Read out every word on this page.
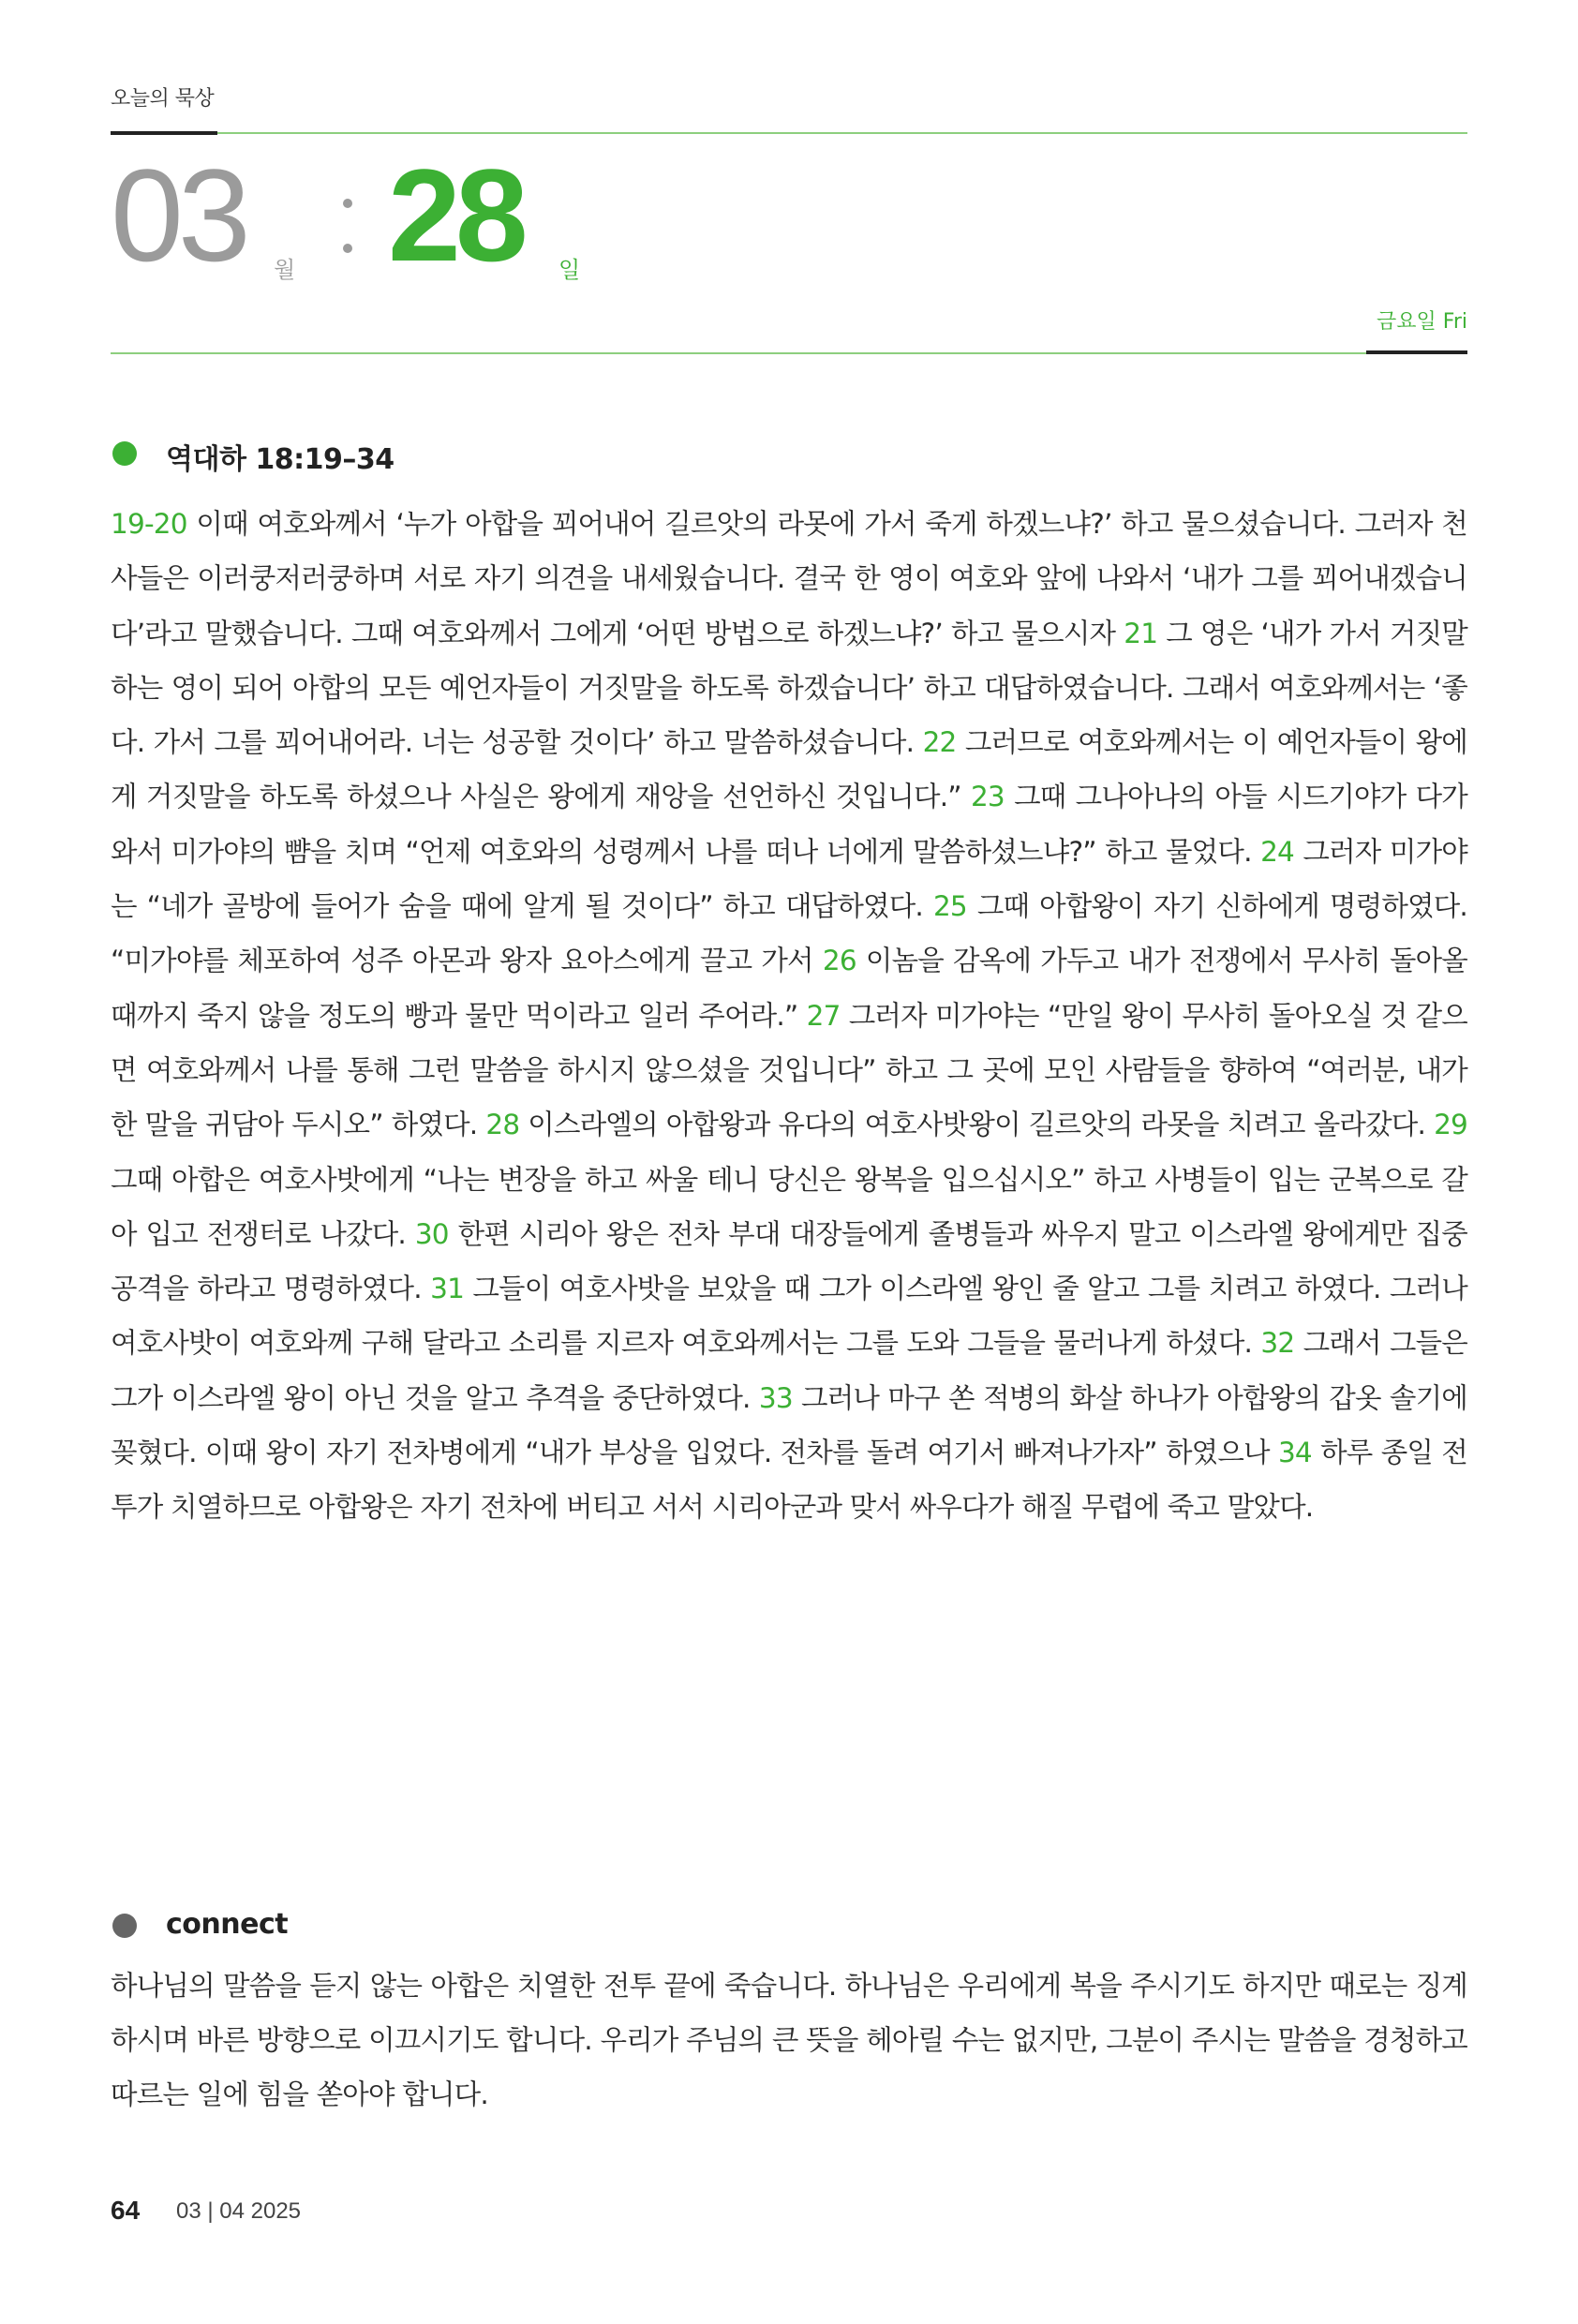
오늘의 묵상
03 월 28 일
금요일 Fri
역대하 18:19–34
19-20 이때 여호와께서 ‘누가 아합을 꾀어내어 길르앗의 라못에 가서 죽게 하겠느냐?’ 하고 물으셨습니다. 그러자 천사들은 이러쿵저러쿵하며 서로 자기 의견을 내세웠습니다. 결국 한 영이 여호와 앞에 나와서 ‘내가 그를 꾀어내겠습니다’라고 말했습니다. 그때 여호와께서 그에게 ‘어떤 방법으로 하겠느냐?’ 하고 물으시자 21 그 영은 ‘내가 가서 거짓말하는 영이 되어 아합의 모든 예언자들이 거짓말을 하도록 하겠습니다’ 하고 대답하였습니다. 그래서 여호와께서는 ‘좋다. 가서 그를 꾀어내어라. 너는 성공할 것이다’ 하고 말씀하셨습니다. 22 그러므로 여호와께서는 이 예언자들이 왕에게 거짓말을 하도록 하셨으나 사실은 왕에게 재앙을 선언하신 것입니다.” 23 그때 그나아나의 아들 시드기야가 다가와서 미가야의 뺨을 치며 “언제 여호와의 성령께서 나를 떠나 너에게 말씀하셨느냐?” 하고 물었다. 24 그러자 미가야는 “네가 골방에 들어가 숨을 때에 알게 될 것이다” 하고 대답하였다. 25 그때 아합왕이 자기 신하에게 명령하였다. “미가야를 체포하여 성주 아몬과 왕자 요아스에게 끌고 가서 26 이놈을 감옥에 가두고 내가 전쟁에서 무사히 돌아올 때까지 죽지 않을 정도의 빵과 물만 먹이라고 일러 주어라.” 27 그러자 미가야는 “만일 왕이 무사히 돌아오실 것 같으면 여호와께서 나를 통해 그런 말씀을 하시지 않으셨을 것입니다” 하고 그 곳에 모인 사람들을 향하여 “여러분, 내가 한 말을 귀담아 두시오” 하였다. 28 이스라엘의 아합왕과 유다의 여호사밧왕이 길르앗의 라못을 치려고 올라갔다. 29 그때 아합은 여호사밧에게 “나는 변장을 하고 싸울 테니 당신은 왕복을 입으십시오” 하고 사병들이 입는 군복으로 갈아 입고 전쟁터로 나갔다. 30 한편 시리아 왕은 전차 부대 대장들에게 졸병들과 싸우지 말고 이스라엘 왕에게만 집중 공격을 하라고 명령하였다. 31 그들이 여호사밧을 보았을 때 그가 이스라엘 왕인 줄 알고 그를 치려고 하였다. 그러나 여호사밧이 여호와께 구해 달라고 소리를 지르자 여호와께서는 그를 도와 그들을 물러나게 하셨다. 32 그래서 그들은 그가 이스라엘 왕이 아닌 것을 알고 추격을 중단하였다. 33 그러나 마구 쏜 적병의 화살 하나가 아합왕의 갑옷 솔기에 꽂혔다. 이때 왕이 자기 전차병에게 “내가 부상을 입었다. 전차를 돌려 여기서 빠져나가자” 하였으나 34 하루 종일 전투가 치열하므로 아합왕은 자기 전차에 버티고 서서 시리아군과 맞서 싸우다가 해질 무렵에 죽고 말았다.
connect
하나님의 말씀을 듣지 않는 아합은 치열한 전투 끝에 죽습니다. 하나님은 우리에게 복을 주시기도 하지만 때로는 징계하시며 바른 방향으로 이끄시기도 합니다. 우리가 주님의 큰 뜻을 헤아릴 수는 없지만, 그분이 주시는 말씀을 경청하고 따르는 일에 힘을 쏟아야 합니다.
64 03 | 04 2025
